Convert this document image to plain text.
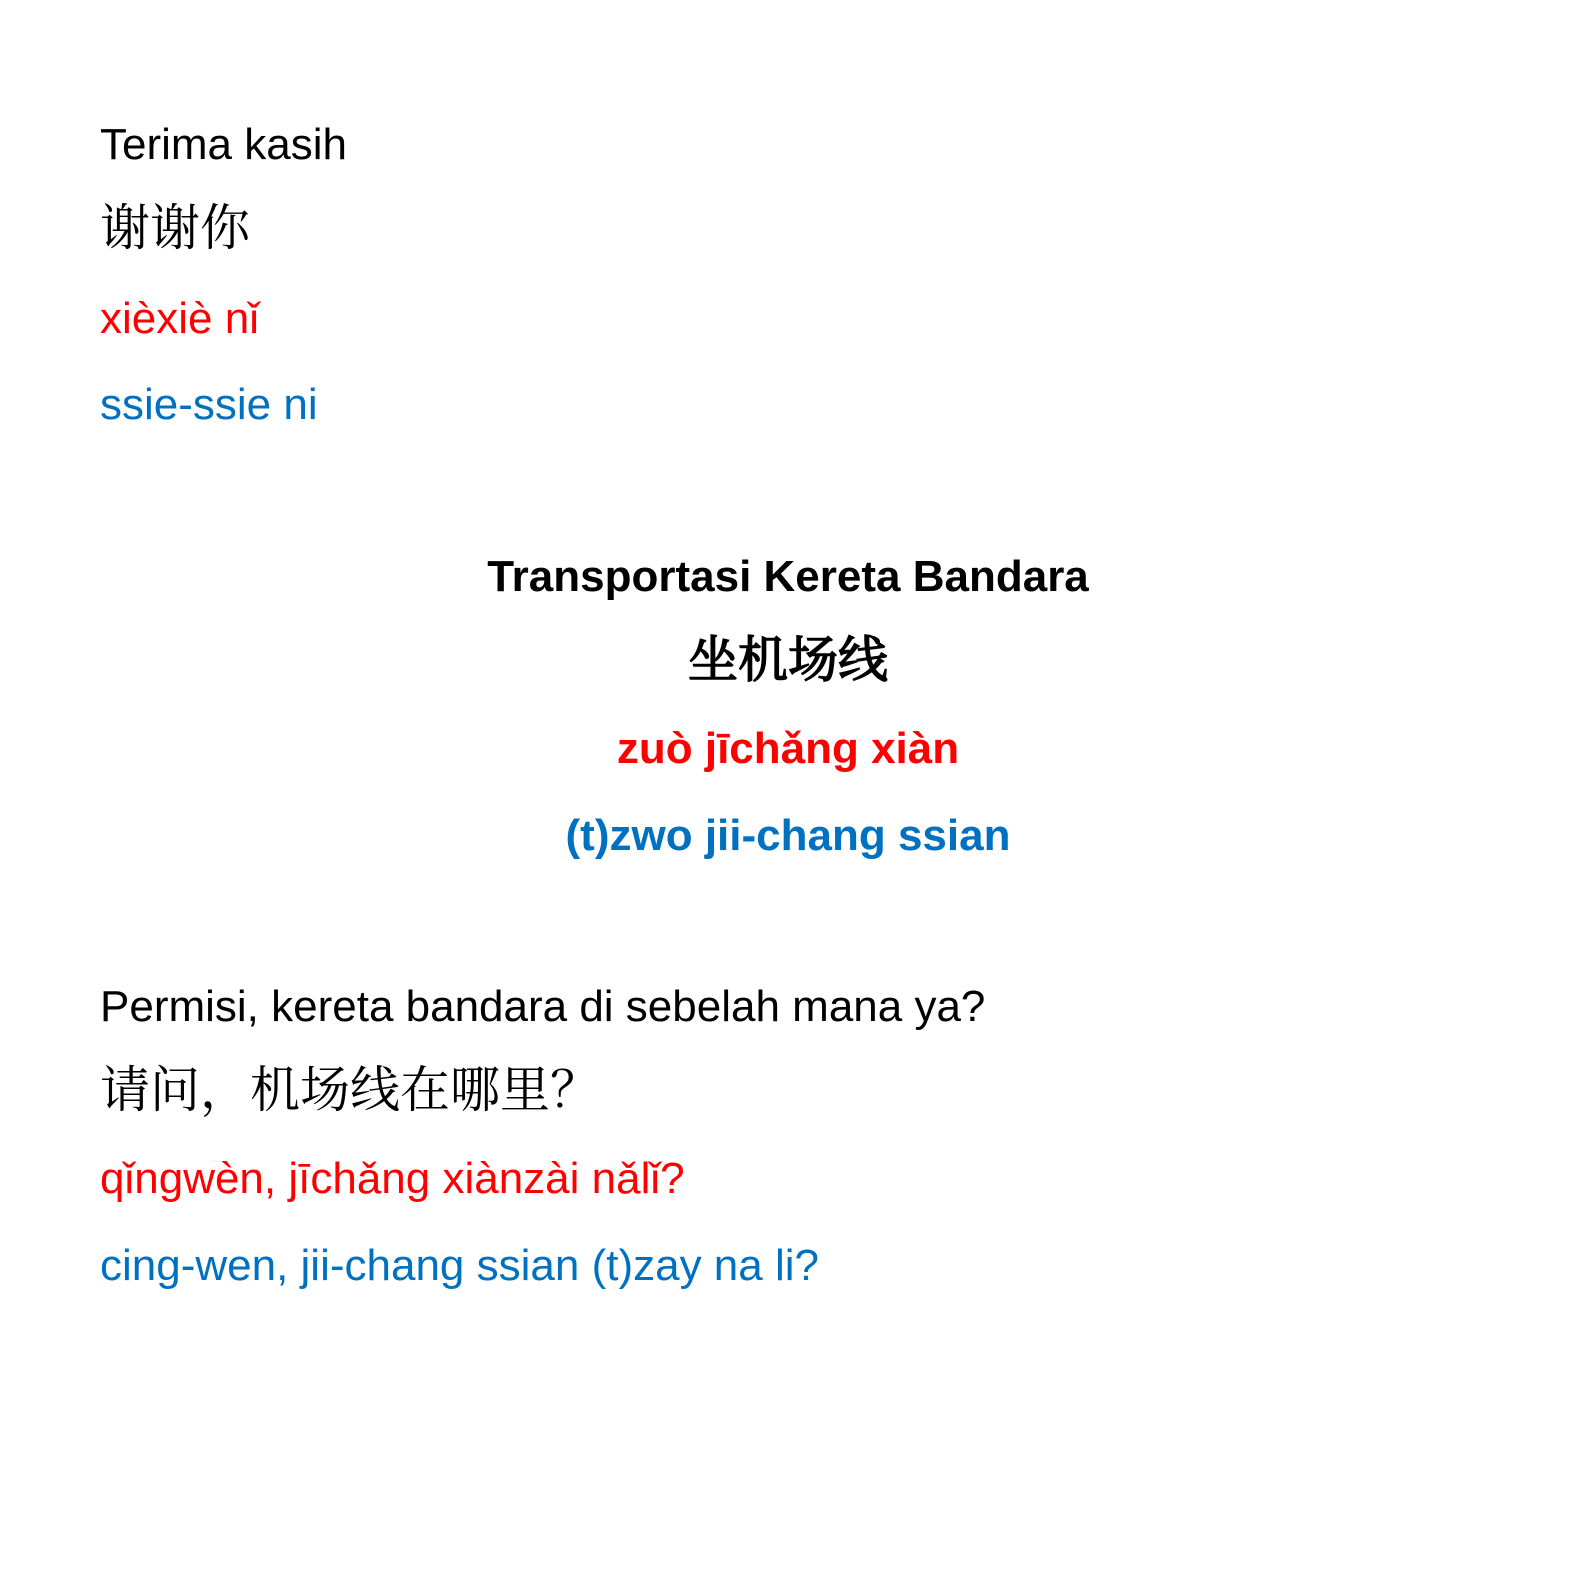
Terima kasih
谢谢你
xièxiè nǐ
ssie-ssie ni
Transportasi Kereta Bandara
坐机场线
zuò jīchǎng xiàn
(t)zwo jii-chang ssian
Permisi, kereta bandara di sebelah mana ya?
请问，机场线在哪里？
qǐngwèn, jīchǎng xiànzài nǎlǐ?
cing-wen, jii-chang ssian (t)zay na li?
